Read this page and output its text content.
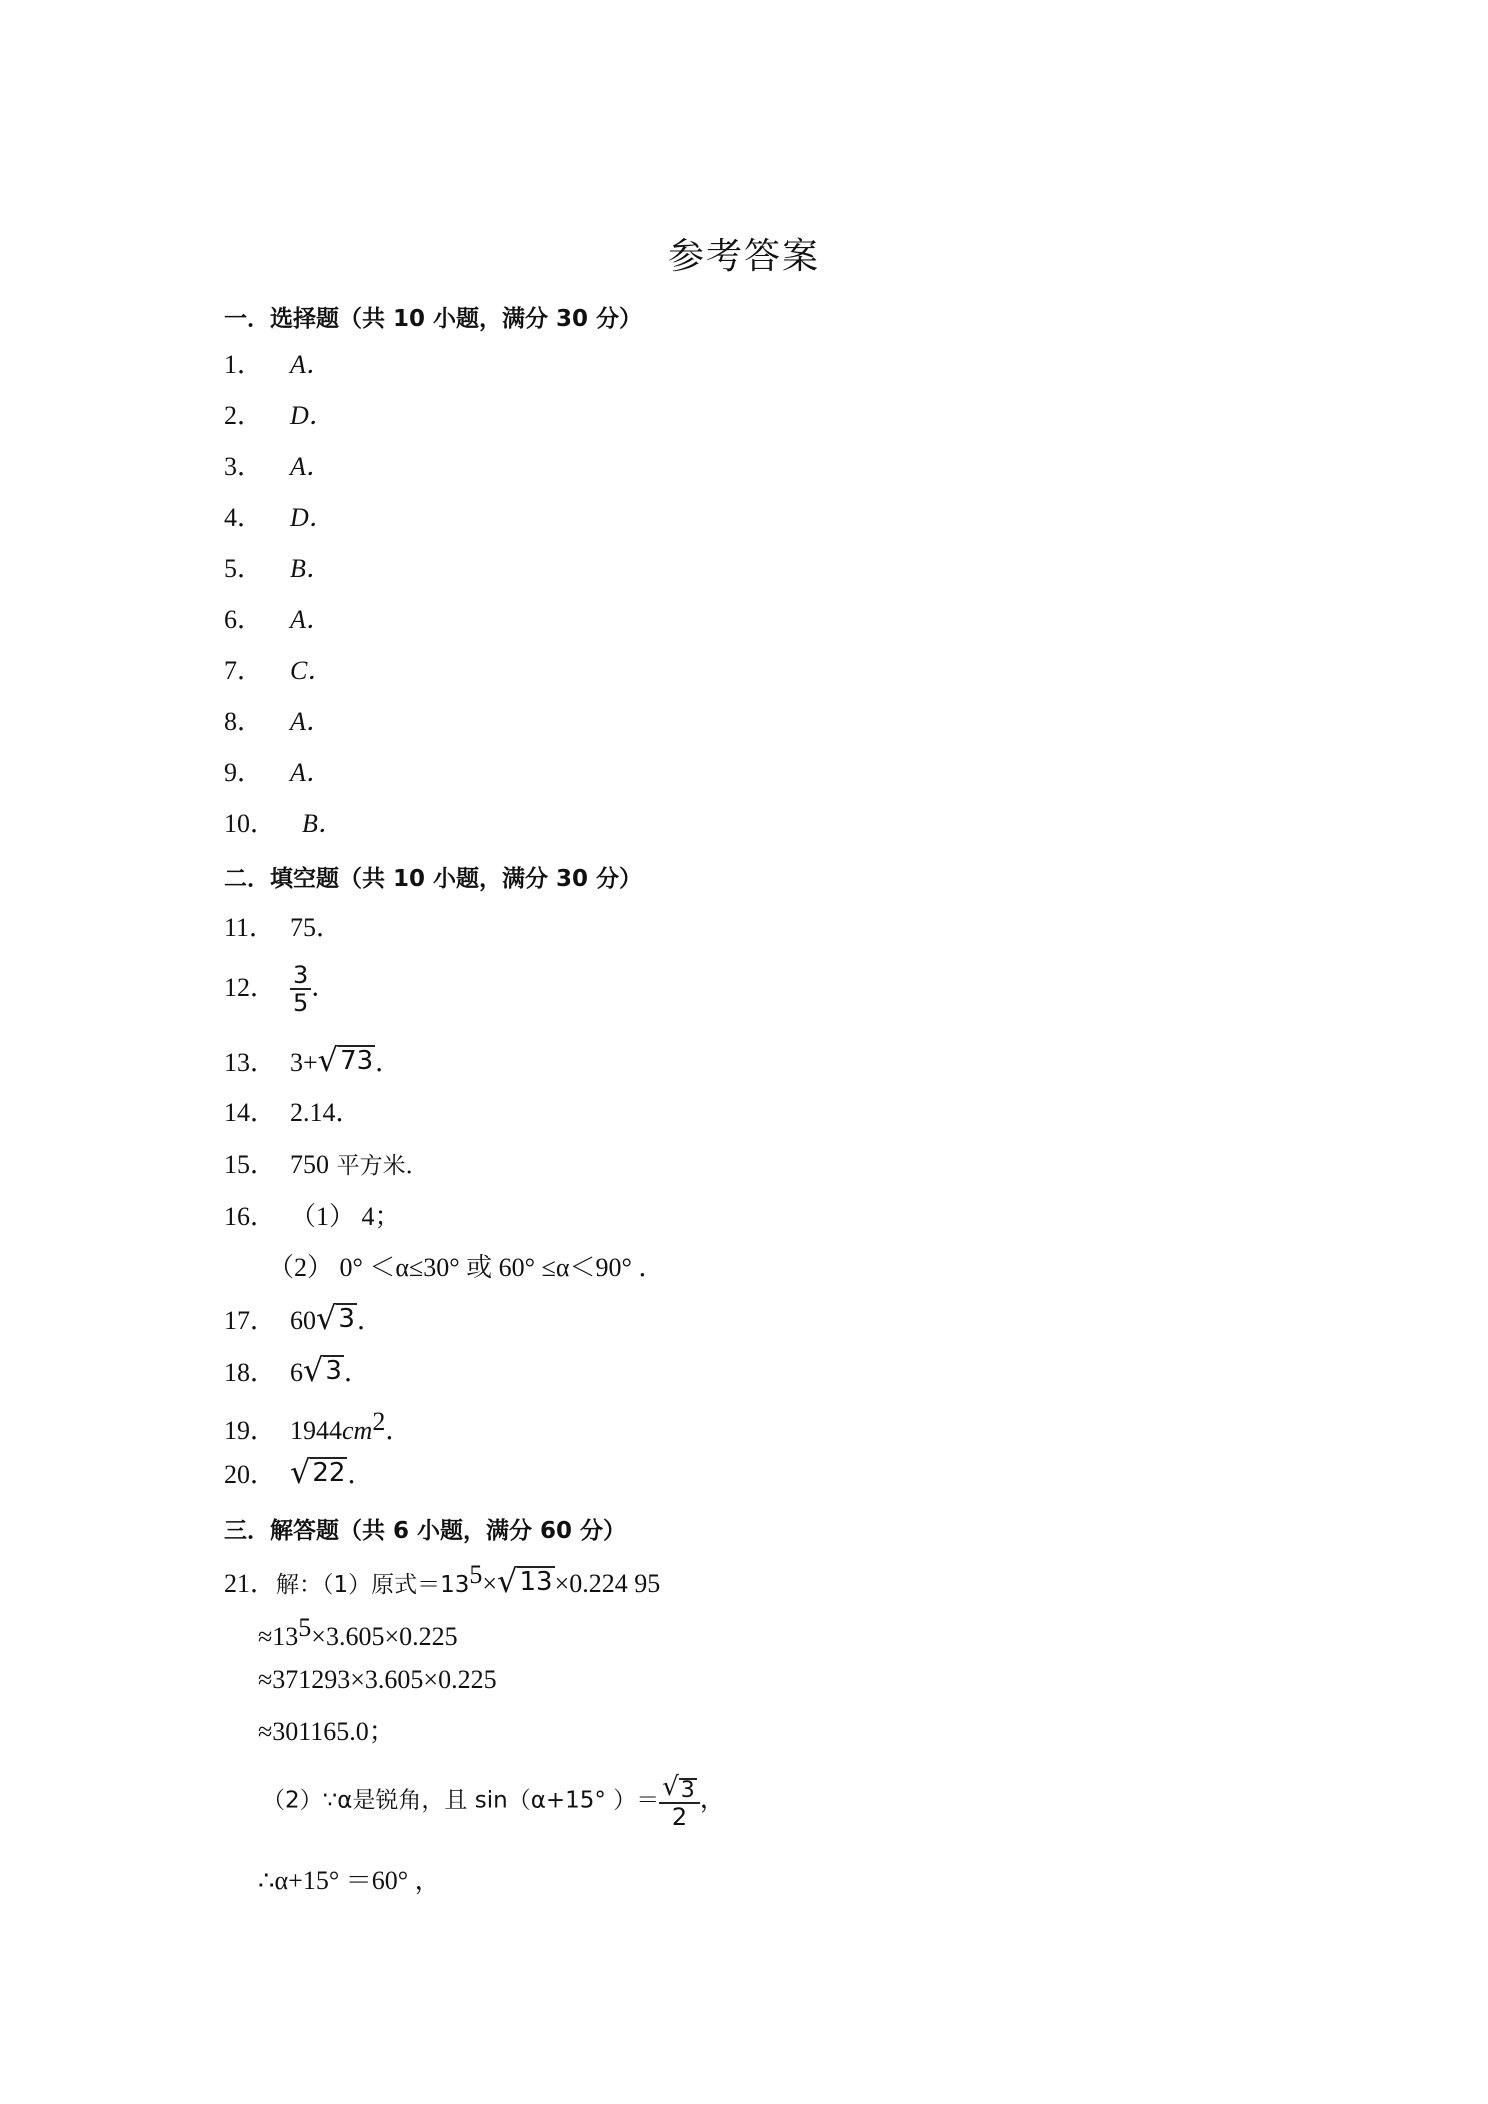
参考答案
一．选择题（共 10 小题，满分 30 分）
1． A．
2． D．
3． A．
4． D．
5． B．
6． A．
7． C．
8． A．
9． A．
10． B．
二．填空题（共 10 小题，满分 30 分）
11． 75．
12． $\frac{3}{5}$ ．
13． 3+ √ 73 ．
14． 2.14．
15． 750 平方米．
16． （1） 4；
（2） 0° ＜α≤30° 或 60° ≤α＜90° ．
17． 60 √ 3 ．
18． 6 √ 3 ．
19． $1944cm^2$．
20． √ 22 ．
三．解答题（共 6 小题，满分 60 分）
21．解：（1）原式$=13^5\times$ √ 13 ×0.224 95
$\approx 13^5\times 3.605\times 0.225$
≈371293×3.605×0.225
≈301165.0；
（2）∵α是锐角，且 sin（α+15° ）＝ $\frac{√ 3}{2}$ ，
∴α+15° ＝60° ，
